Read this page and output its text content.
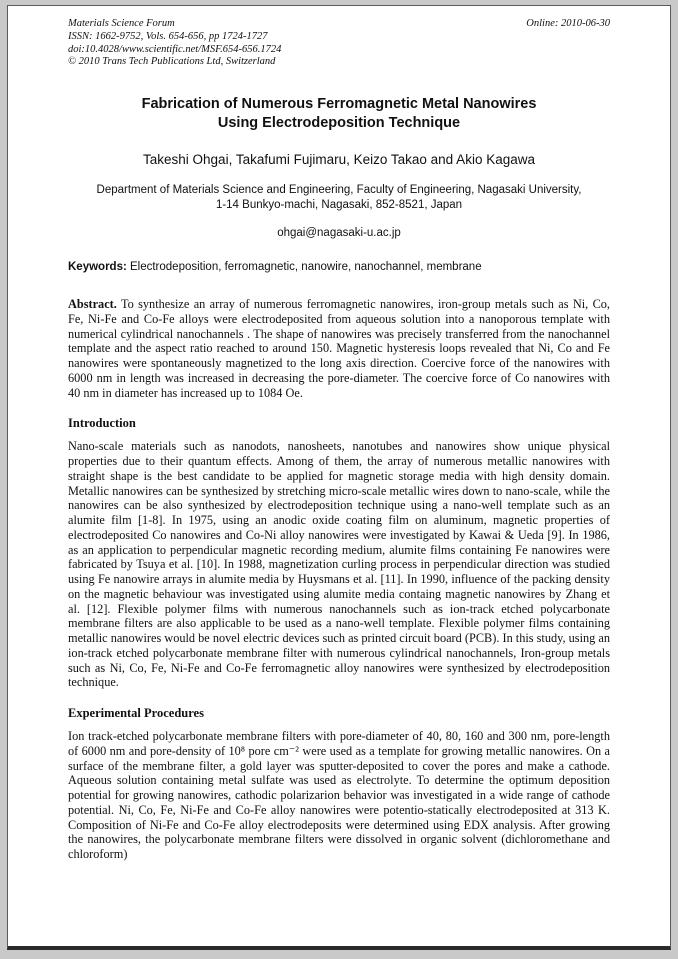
Materials Science Forum
ISSN: 1662-9752, Vols. 654-656, pp 1724-1727
doi:10.4028/www.scientific.net/MSF.654-656.1724
© 2010 Trans Tech Publications Ltd, Switzerland
Online: 2010-06-30
Fabrication of Numerous Ferromagnetic Metal Nanowires
Using Electrodeposition Technique
Takeshi Ohgai, Takafumi Fujimaru, Keizo Takao and Akio Kagawa
Department of Materials Science and Engineering, Faculty of Engineering, Nagasaki University,
1-14 Bunkyo-machi, Nagasaki, 852-8521, Japan
ohgai@nagasaki-u.ac.jp
Keywords: Electrodeposition, ferromagnetic, nanowire, nanochannel, membrane
Abstract. To synthesize an array of numerous ferromagnetic nanowires, iron-group metals such as Ni, Co, Fe, Ni-Fe and Co-Fe alloys were electrodeposited from aqueous solution into a nanoporous template with numerical cylindrical nanochannels . The shape of nanowires was precisely transferred from the nanochannel template and the aspect ratio reached to around 150. Magnetic hysteresis loops revealed that Ni, Co and Fe nanowires were spontaneously magnetized to the long axis direction. Coercive force of the nanowires with 6000 nm in length was increased in decreasing the pore-diameter. The coercive force of Co nanowires with 40 nm in diameter has increased up to 1084 Oe.
Introduction
Nano-scale materials such as nanodots, nanosheets, nanotubes and nanowires show unique physical properties due to their quantum effects. Among of them, the array of numerous metallic nanowires with straight shape is the best candidate to be applied for magnetic storage media with high density domain. Metallic nanowires can be synthesized by stretching micro-scale metallic wires down to nano-scale, while the nanowires can be also synthesized by electrodeposition technique using a nano-well template such as an alumite film [1-8]. In 1975, using an anodic oxide coating film on aluminum, magnetic properties of electrodeposited Co nanowires and Co-Ni alloy nanowires were investigated by Kawai & Ueda [9]. In 1986, as an application to perpendicular magnetic recording medium, alumite films containing Fe nanowires were fabricated by Tsuya et al. [10]. In 1988, magnetization curling process in perpendicular direction was studied using Fe nanowire arrays in alumite media by Huysmans et al. [11]. In 1990, influence of the packing density on the magnetic behaviour was investigated using alumite media containg magnetic nanowires by Zhang et al. [12]. Flexible polymer films with numerous nanochannels such as ion-track etched polycarbonate membrane filters are also applicable to be used as a nano-well template. Flexible polymer films containing metallic nanowires would be novel electric devices such as printed circuit board (PCB). In this study, using an ion-track etched polycarbonate membrane filter with numerous cylindrical nanochannels, Iron-group metals such as Ni, Co, Fe, Ni-Fe and Co-Fe ferromagnetic alloy nanowires were synthesized by electrodeposition technique.
Experimental Procedures
Ion track-etched polycarbonate membrane filters with pore-diameter of 40, 80, 160 and 300 nm, pore-length of 6000 nm and pore-density of 10⁸ pore cm⁻² were used as a template for growing metallic nanowires. On a surface of the membrane filter, a gold layer was sputter-deposited to cover the pores and make a cathode. Aqueous solution containing metal sulfate was used as electrolyte. To determine the optimum deposition potential for growing nanowires, cathodic polarizarion behavior was investigated in a wide range of cathode potential. Ni, Co, Fe, Ni-Fe and Co-Fe alloy nanowires were potentio-statically electrodeposited at 313 K. Composition of Ni-Fe and Co-Fe alloy electrodeposits were determined using EDX analysis. After growing the nanowires, the polycarbonate membrane filters were dissolved in organic solvent (dichloromethane and chloroform)
